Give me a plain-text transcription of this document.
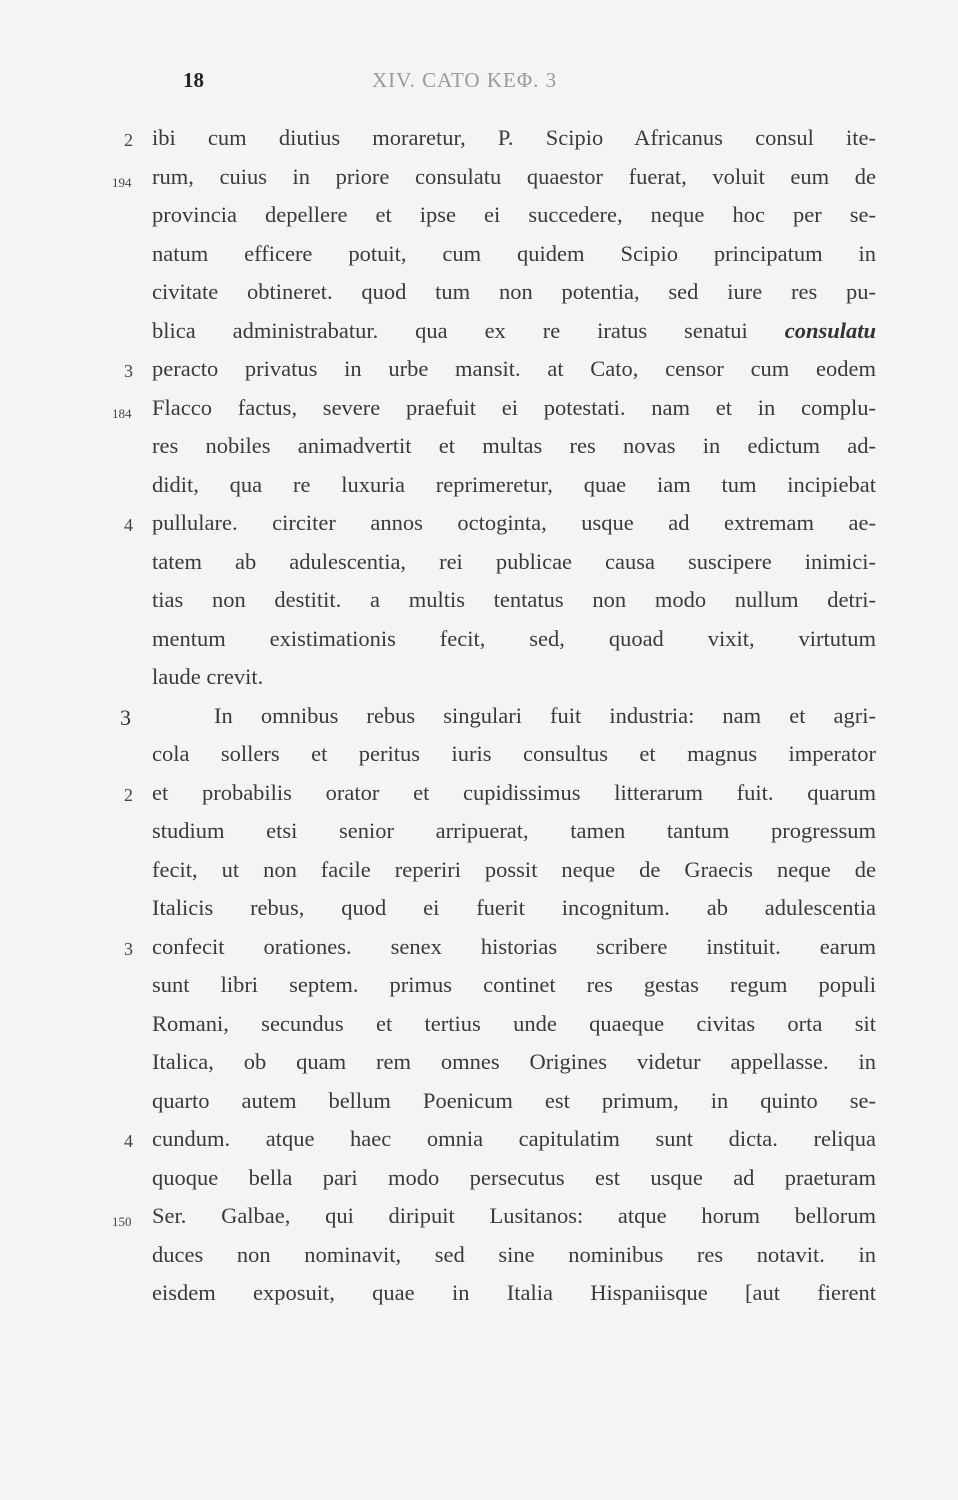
18	XIV. CATO ΚΕΦ. 3
2 ibi cum diutius moraretur, P. Scipio Africanus consul ite-
194 rum, cuius in priore consulatu quaestor fuerat, voluit eum de
provincia depellere et ipse ei succedere, neque hoc per se-
natum efficere potuit, cum quidem Scipio principatum in
civitate obtineret. quod tum non potentia, sed iure res pu-
blica administrabatur. qua ex re iratus senatui consulatu
3 peracto privatus in urbe mansit. at Cato, censor cum eodem
184 Flacco factus, severe praefuit ei potestati. nam et in complu-
res nobiles animadvertit et multas res novas in edictum ad-
didit, qua re luxuria reprimeretur, quae iam tum incipiebat
4 pullulare. circiter annos octoginta, usque ad extremam ae-
tatem ab adulescentia, rei publicae causa suscipere inimici-
tias non destitit. a multis tentatus non modo nullum detri-
mentum existimationis fecit, sed, quoad vixit, virtutum
laude crevit.
3	In omnibus rebus singulari fuit industria: nam et agri-
cola sollers et peritus iuris consultus et magnus imperator
2 et probabilis orator et cupidissimus litterarum fuit. quarum
studium etsi senior arripuerat, tamen tantum progressum
fecit, ut non facile reperiri possit neque de Graecis neque de
Italicis rebus, quod ei fuerit incognitum. ab adulescentia
3 confecit orationes. senex historias scribere instituit. earum
sunt libri septem. primus continet res gestas regum populi
Romani, secundus et tertius unde quaeque civitas orta sit
Italica, ob quam rem omnes Origines videtur appellasse. in
quarto autem bellum Poenicum est primum, in quinto se-
4 cundum. atque haec omnia capitulatim sunt dicta. reliqua
quoque bella pari modo persecutus est usque ad praeturam
150 Ser. Galbae, qui diripuit Lusitanos: atque horum bellorum
duces non nominavit, sed sine nominibus res notavit. in
eisdem exposuit, quae in Italia Hispaniisque [aut fierent
